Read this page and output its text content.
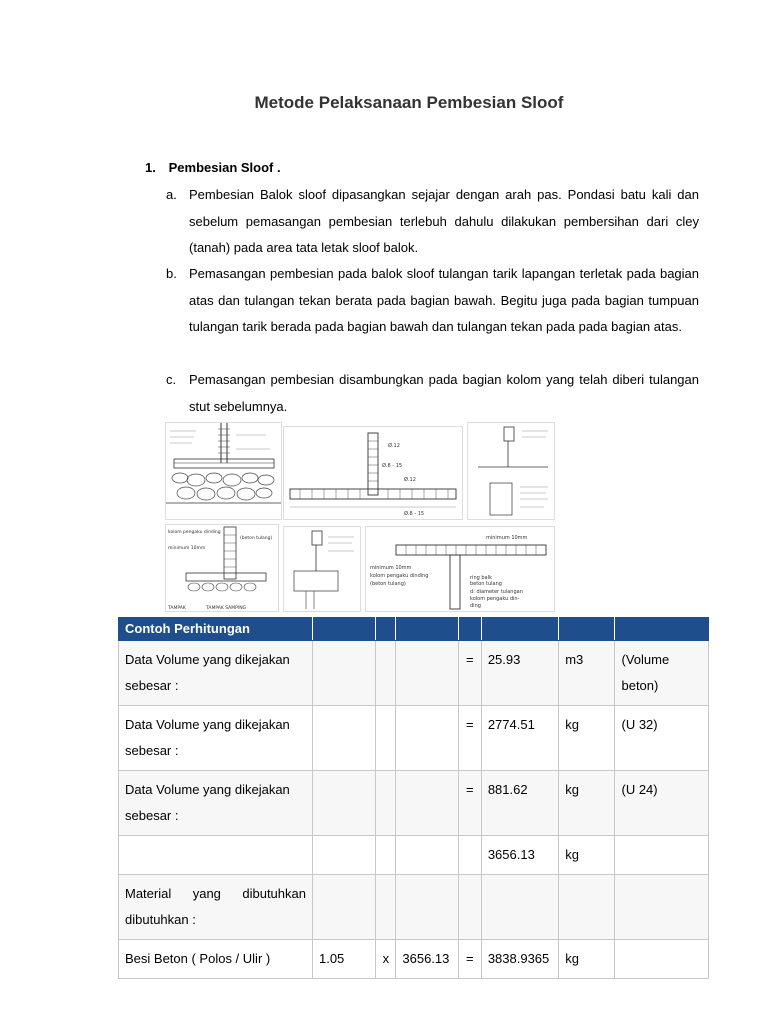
Metode Pelaksanaan Pembesian Sloof
1. Pembesian Sloof .
a. Pembesian Balok sloof dipasangkan sejajar dengan arah pas. Pondasi batu kali dan sebelum pemasangan pembesian terlebuh dahulu dilakukan pembersihan dari cley (tanah) pada area tata letak sloof balok.
b. Pemasangan pembesian pada balok sloof tulangan tarik lapangan terletak pada bagian atas dan tulangan tekan berata pada bagian bawah. Begitu juga pada bagian tumpuan tulangan tarik berada pada bagian bawah dan tulangan tekan pada pada bagian atas.
c. Pemasangan pembesian disambungkan pada bagian kolom yang telah diberi tulangan stut sebelumnya.
Ø.12
Ø.12
Ø.8 - 15
Ø.8 - 15
kolom pengaku dinding
(beton tulang)
minimum 10mm
TAMPAK	TAMPAK SAMPING
minimum 10mm
kolom pengaku dinding
minimum 10mm
(beton tulang)
ring balk
beton tulang
d: diameter tulangan
kolom pengaku din-
ding
Contoh Perhitungan							
Data Volume yang dikejakan sebesar :				=	25.93	m3	(Volume beton)
Data Volume yang dikejakan sebesar :				=	2774.51	kg	(U 32)
Data Volume yang dikejakan sebesar :				=	881.62	kg	(U 24)
					3656.13	kg	
Material yang dibutuhkan dibutuhkan :							
Besi Beton ( Polos / Ulir )	1.05	x	3656.13	=	3838.9365	kg	
